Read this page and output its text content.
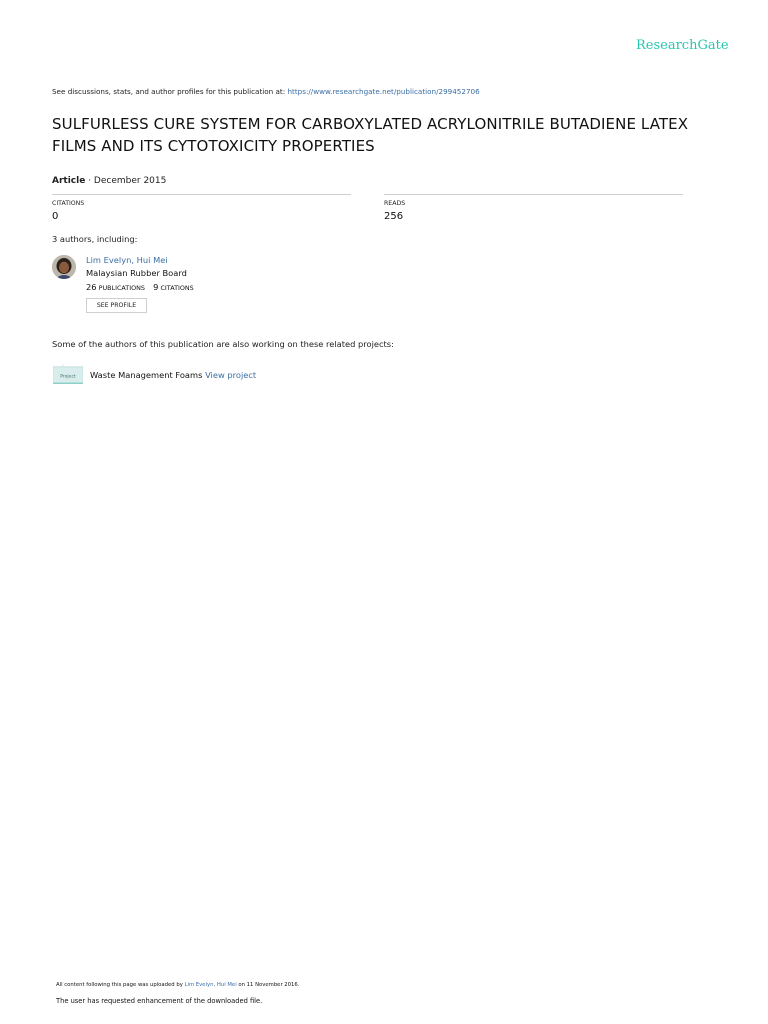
ResearchGate
See discussions, stats, and author profiles for this publication at: https://www.researchgate.net/publication/299452706
SULFURLESS CURE SYSTEM FOR CARBOXYLATED ACRYLONITRILE BUTADIENE LATEX FILMS AND ITS CYTOTOXICITY PROPERTIES
Article · December 2015
CITATIONS
0
READS
256
3 authors, including:
Lim Evelyn, Hui Mei
Malaysian Rubber Board
26 PUBLICATIONS 9 CITATIONS
SEE PROFILE
Some of the authors of this publication are also working on these related projects:
Project Waste Management Foams View project
All content following this page was uploaded by Lim Evelyn, Hui Mei on 11 November 2016.
The user has requested enhancement of the downloaded file.
